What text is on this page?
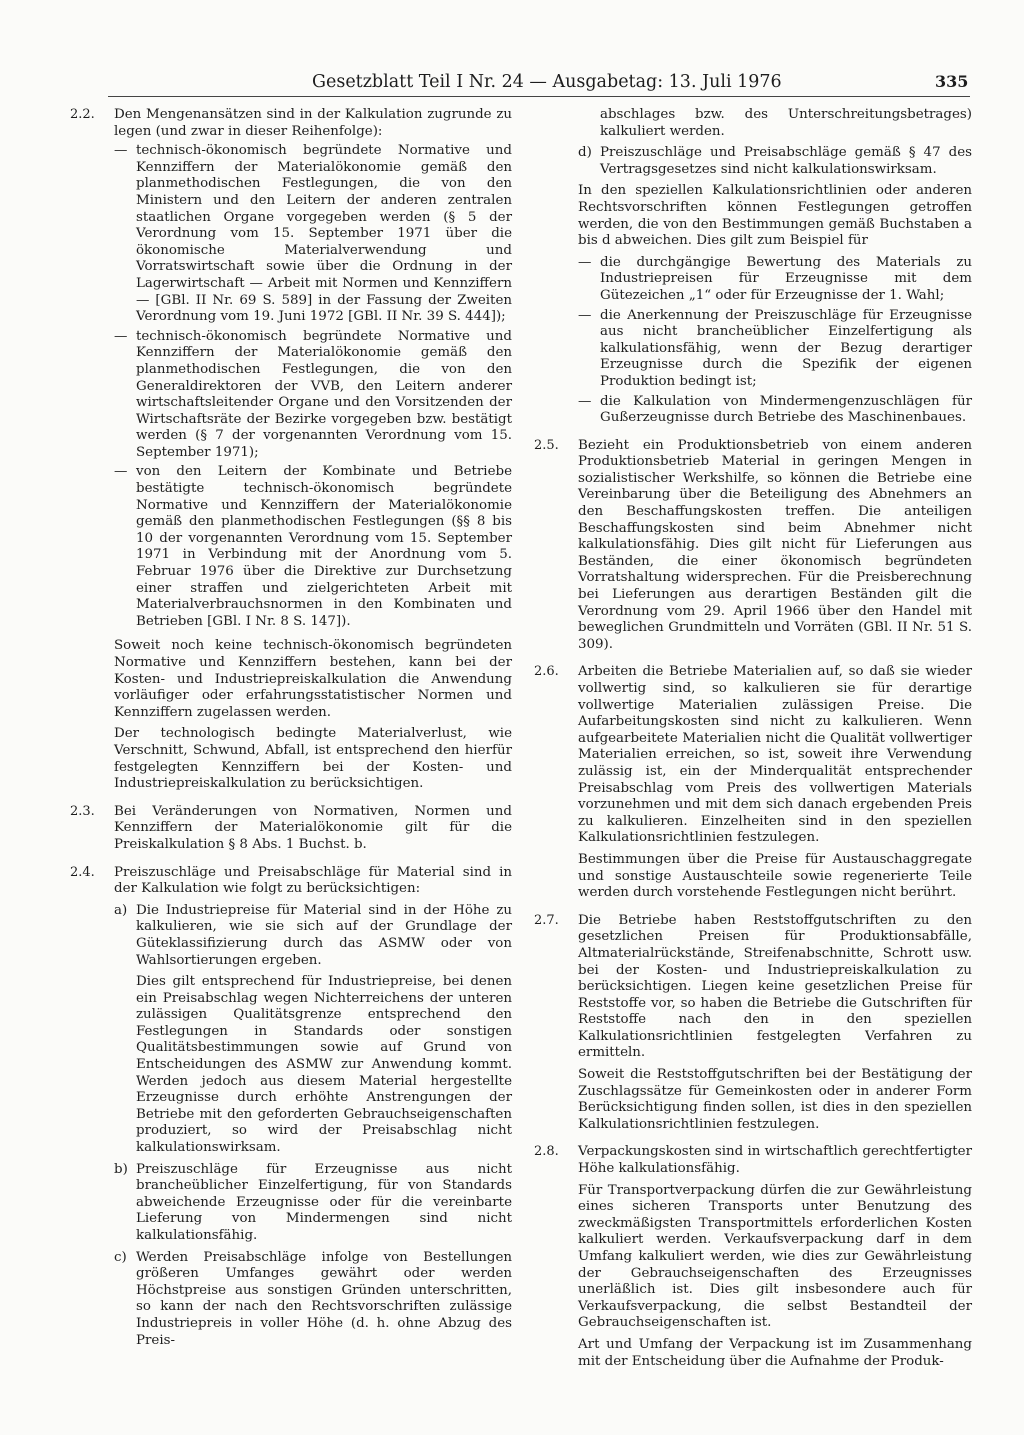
Gesetzblatt Teil I Nr. 24 — Ausgabetag: 13. Juli 1976	335
2.2. Den Mengenansätzen sind in der Kalkulation zugrunde zu legen (und zwar in dieser Reihenfolge):

— technisch-ökonomisch begründete Normative und Kennziffern der Materialökonomie gemäß den planmethodischen Festlegungen, die von den Ministern und den Leitern der anderen zentralen staatlichen Organe vorgegeben werden (§ 5 der Verordnung vom 15. September 1971 über die ökonomische Materialverwendung und Vorratswirtschaft sowie über die Ordnung in der Lagerwirtschaft — Arbeit mit Normen und Kennziffern — [GBl. II Nr. 69 S. 589] in der Fassung der Zweiten Verordnung vom 19. Juni 1972 [GBl. II Nr. 39 S. 444]);
— technisch-ökonomisch begründete Normative und Kennziffern der Materialökonomie gemäß den planmethodischen Festlegungen, die von den Generaldirektoren der VVB, den Leitern anderer wirtschaftsleitender Organe und den Vorsitzenden der Wirtschaftsräte der Bezirke vorgegeben bzw. bestätigt werden (§ 7 der vorgenannten Verordnung vom 15. September 1971);
— von den Leitern der Kombinate und Betriebe bestätigte technisch-ökonomisch begründete Normative und Kennziffern der Materialökonomie gemäß den planmethodischen Festlegungen (§§ 8 bis 10 der vorgenannten Verordnung vom 15. September 1971 in Verbindung mit der Anordnung vom 5. Februar 1976 über die Direktive zur Durchsetzung einer straffen und zielgerichteten Arbeit mit Materialverbrauchsnormen in den Kombinaten und Betrieben [GBl. I Nr. 8 S. 147]).

Soweit noch keine technisch-ökonomisch begründeten Normative und Kennziffern bestehen, kann bei der Kosten- und Industriepreiskalkulation die Anwendung vorläufiger oder erfahrungsstatistischer Normen und Kennziffern zugelassen werden.

Der technologisch bedingte Materialverlust, wie Verschnitt, Schwund, Abfall, ist entsprechend den hierfür festgelegten Kennziffern bei der Kosten- und Industriepreiskalkulation zu berücksichtigen.

2.3. Bei Veränderungen von Normativen, Normen und Kennziffern der Materialökonomie gilt für die Preiskalkulation § 8 Abs. 1 Buchst. b.

2.4. Preiszuschläge und Preisabschläge für Material sind in der Kalkulation wie folgt zu berücksichtigen:

a) Die Industriepreise für Material sind in der Höhe zu kalkulieren, wie sie sich auf der Grundlage der Güteklassifizierung durch das ASMW oder von Wahlsortierungen ergeben.

Dies gilt entsprechend für Industriepreise, bei denen ein Preisabschlag wegen Nichterreichens der unteren zulässigen Qualitätsgrenze entsprechend den Festlegungen in Standards oder sonstigen Qualitätsbestimmungen sowie auf Grund von Entscheidungen des ASMW zur Anwendung kommt. Werden jedoch aus diesem Material hergestellte Erzeugnisse durch erhöhte Anstrengungen der Betriebe mit den geforderten Gebrauchseigenschaften produziert, so wird der Preisabschlag nicht kalkulationswirksam.

b) Preiszuschläge für Erzeugnisse aus nicht brancheüblicher Einzelfertigung, für von Standards abweichende Erzeugnisse oder für die vereinbarte Lieferung von Mindermengen sind nicht kalkulationsfähig.
c) Werden Preisabschläge infolge von Bestellungen größeren Umfanges gewährt oder werden Höchstpreise aus sonstigen Gründen unterschritten, so kann der nach den Rechtsvorschriften zulässige Industriepreis in voller Höhe (d. h. ohne Abzug des Preis-

abschlages bzw. des Unterschreitungsbetrages) kalkuliert werden.

d) Preiszuschläge und Preisabschläge gemäß § 47 des Vertragsgesetzes sind nicht kalkulationswirksam.

In den speziellen Kalkulationsrichtlinien oder anderen Rechtsvorschriften können Festlegungen getroffen werden, die von den Bestimmungen gemäß Buchstaben a bis d abweichen. Dies gilt zum Beispiel für

— die durchgängige Bewertung des Materials zu Industriepreisen für Erzeugnisse mit dem Gütezeichen „1“ oder für Erzeugnisse der 1. Wahl;
— die Anerkennung der Preiszuschläge für Erzeugnisse aus nicht brancheüblicher Einzelfertigung als kalkulationsfähig, wenn der Bezug derartiger Erzeugnisse durch die Spezifik der eigenen Produktion bedingt ist;
— die Kalkulation von Mindermengenzuschlägen für Gußerzeugnisse durch Betriebe des Maschinenbaues.
2.5. Bezieht ein Produktionsbetrieb von einem anderen Produktionsbetrieb Material in geringen Mengen in sozialistischer Werkshilfe, so können die Betriebe eine Vereinbarung über die Beteiligung des Abnehmers an den Beschaffungskosten treffen. Die anteiligen Beschaffungskosten sind beim Abnehmer nicht kalkulationsfähig. Dies gilt nicht für Lieferungen aus Beständen, die einer ökonomisch begründeten Vorratshaltung widersprechen. Für die Preisberechnung bei Lieferungen aus derartigen Beständen gilt die Verordnung vom 29. April 1966 über den Handel mit beweglichen Grundmitteln und Vorräten (GBl. II Nr. 51 S. 309).

2.6. Arbeiten die Betriebe Materialien auf, so daß sie wieder vollwertig sind, so kalkulieren sie für derartige vollwertige Materialien zulässigen Preise. Die Aufarbeitungskosten sind nicht zu kalkulieren. Wenn aufgearbeitete Materialien nicht die Qualität vollwertiger Materialien erreichen, so ist, soweit ihre Verwendung zulässig ist, ein der Minderqualität entsprechender Preisabschlag vom Preis des vollwertigen Materials vorzunehmen und mit dem sich danach ergebenden Preis zu kalkulieren. Einzelheiten sind in den speziellen Kalkulationsrichtlinien festzulegen.

Bestimmungen über die Preise für Austauschaggregate und sonstige Austauschteile sowie regenerierte Teile werden durch vorstehende Festlegungen nicht berührt.

2.7. Die Betriebe haben Reststoffgutschriften zu den gesetzlichen Preisen für Produktionsabfälle, Altmaterialrückstände, Streifenabschnitte, Schrott usw. bei der Kosten- und Industriepreiskalkulation zu berücksichtigen. Liegen keine gesetzlichen Preise für Reststoffe vor, so haben die Betriebe die Gutschriften für Reststoffe nach den in den speziellen Kalkulationsrichtlinien festgelegten Verfahren zu ermitteln.

Soweit die Reststoffgutschriften bei der Bestätigung der Zuschlagssätze für Gemeinkosten oder in anderer Form Berücksichtigung finden sollen, ist dies in den speziellen Kalkulationsrichtlinien festzulegen.

2.8. Verpackungskosten sind in wirtschaftlich gerechtfertigter Höhe kalkulationsfähig.

Für Transportverpackung dürfen die zur Gewährleistung eines sicheren Transports unter Benutzung des zweckmäßigsten Transportmittels erforderlichen Kosten kalkuliert werden. Verkaufsverpackung darf in dem Umfang kalkuliert werden, wie dies zur Gewährleistung der Gebrauchseigenschaften des Erzeugnisses unerläßlich ist. Dies gilt insbesondere auch für Verkaufsverpackung, die selbst Bestandteil der Gebrauchseigenschaften ist.

Art und Umfang der Verpackung ist im Zusammenhang mit der Entscheidung über die Aufnahme der Produk-
